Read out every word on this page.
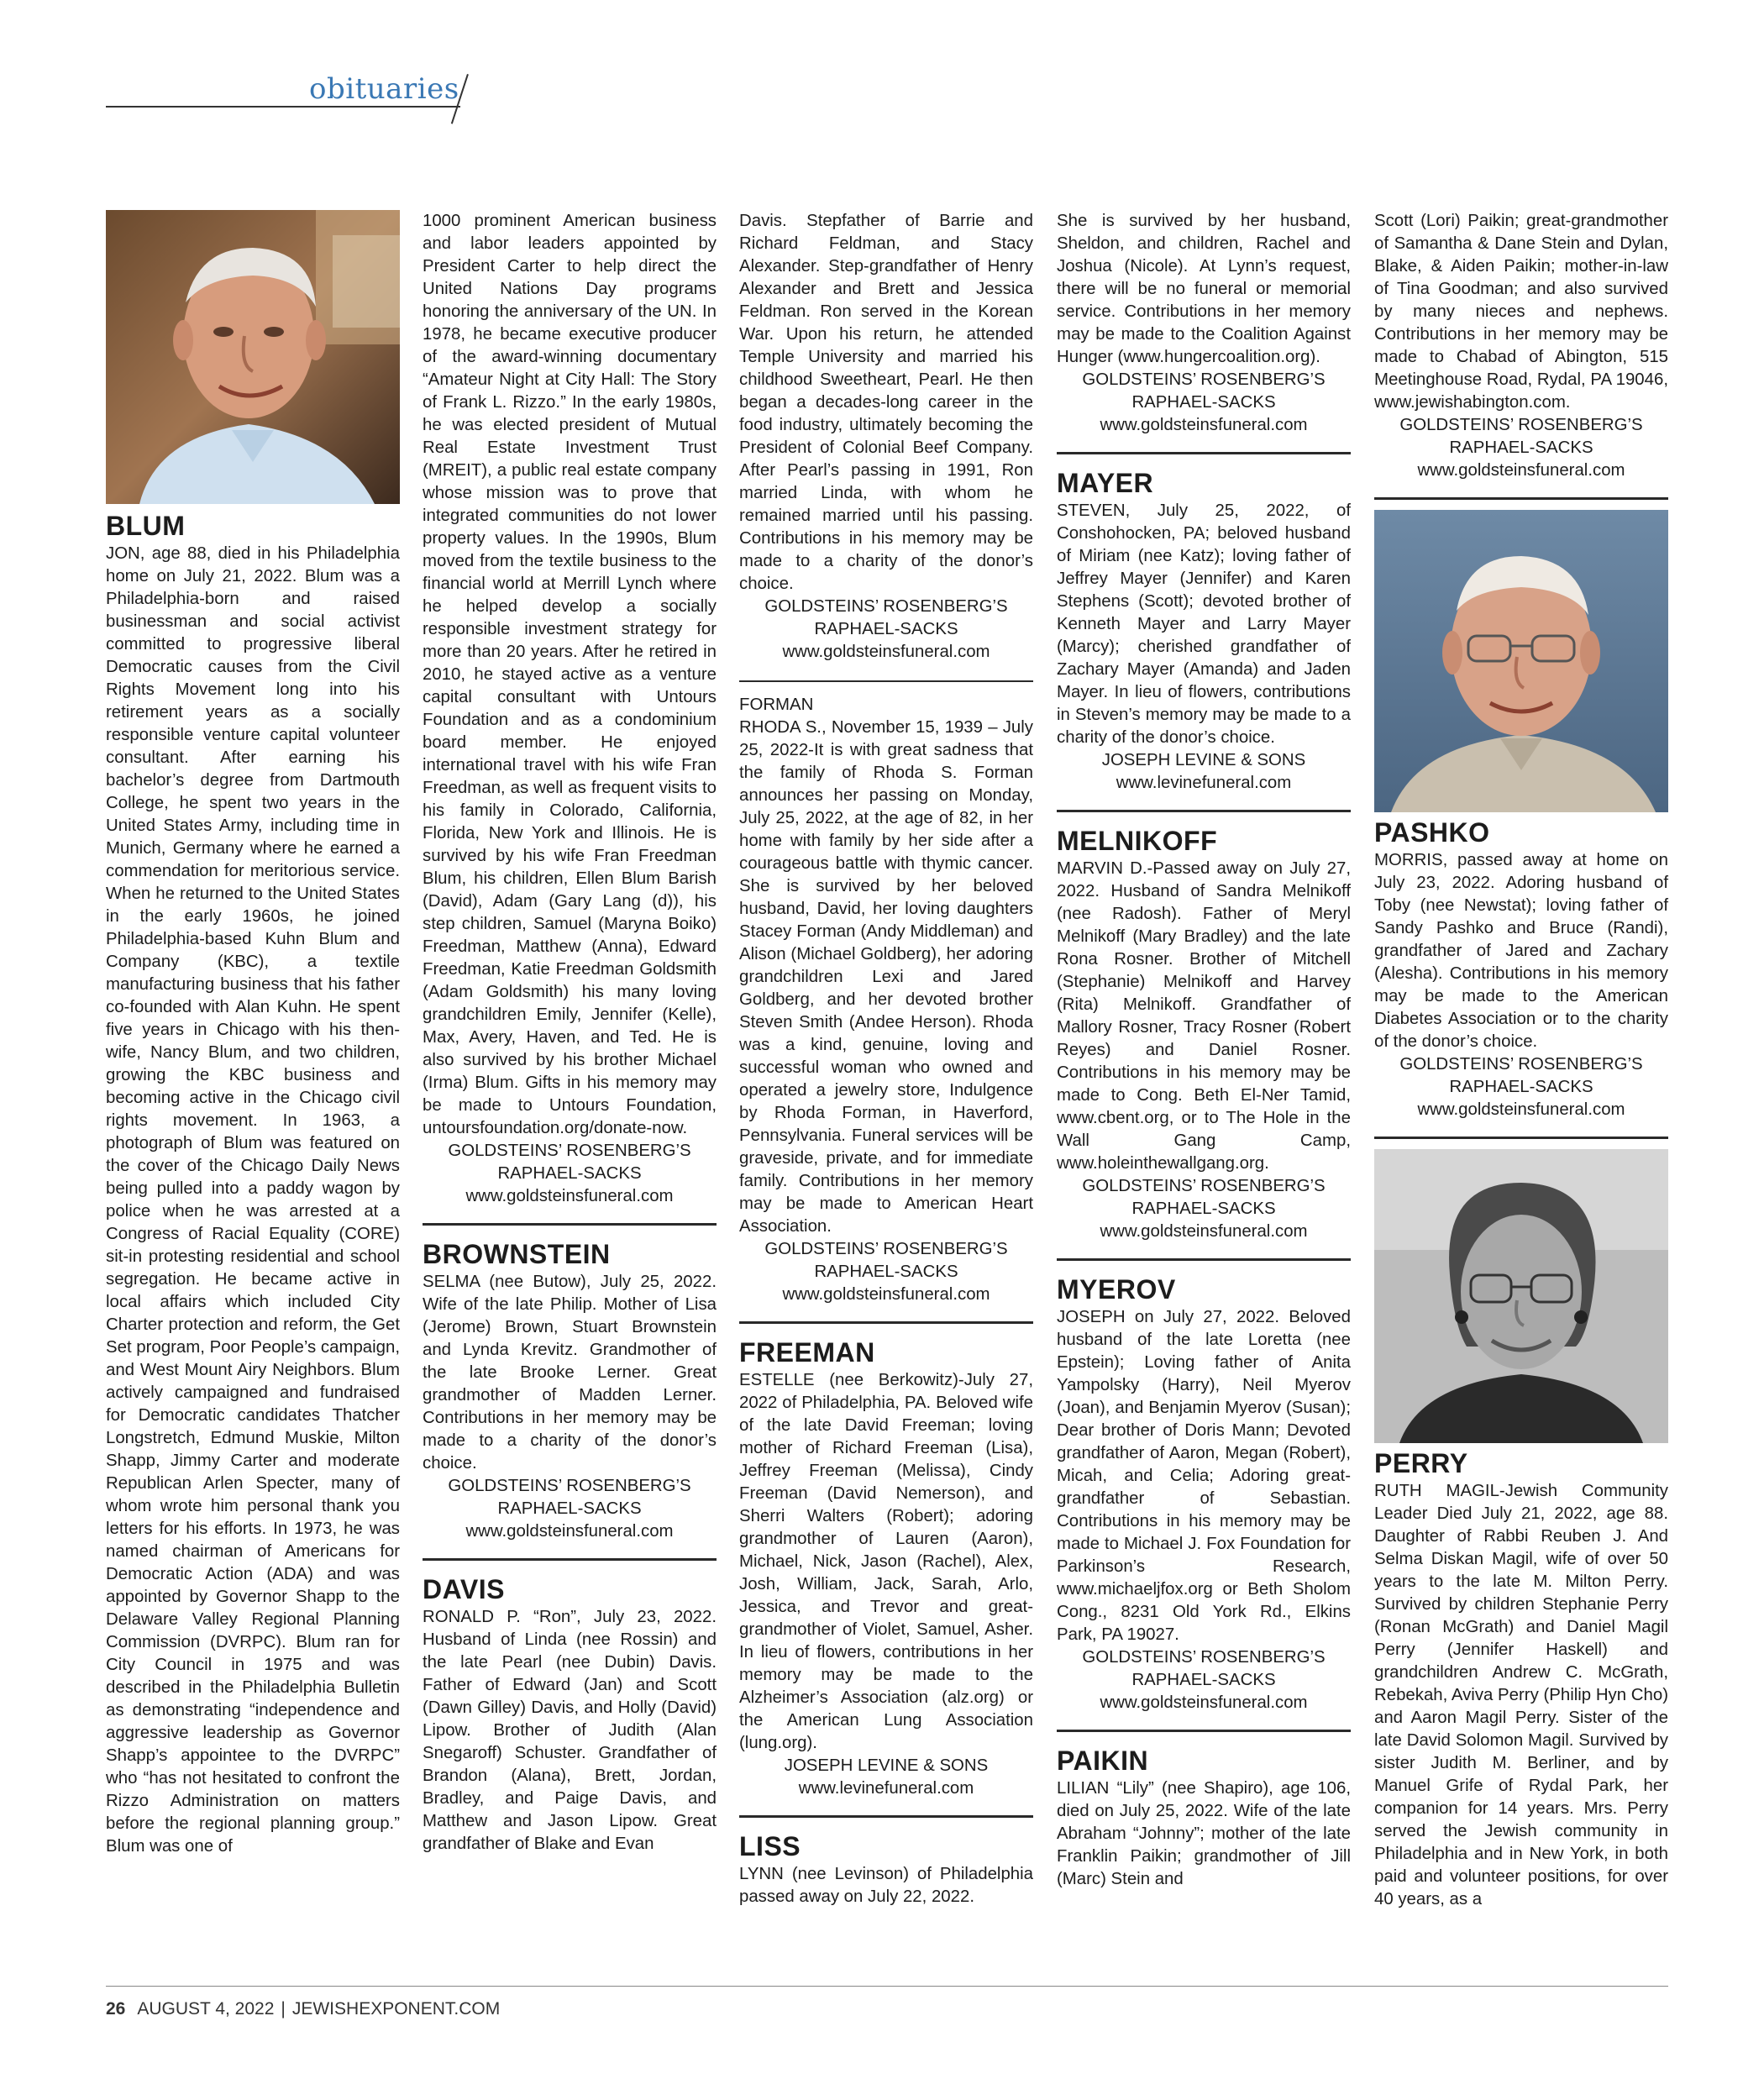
obituaries
BLUM

JON, age 88, died in his Philadelphia home on July 21, 2022. Blum was a Philadelphia-born and raised businessman and social activist committed to progressive liberal Democratic causes from the Civil Rights Movement long into his retirement years as a socially responsible venture capital volunteer consultant. After earning his bachelor’s degree from Dartmouth College, he spent two years in the United States Army, including time in Munich, Germany where he earned a commendation for meritorious service. When he returned to the United States in the early 1960s, he joined Philadelphia-based Kuhn Blum and Company (KBC), a textile manufacturing business that his father co-founded with Alan Kuhn. He spent five years in Chicago with his then-wife, Nancy Blum, and two children, growing the KBC business and becoming active in the Chicago civil rights movement. In 1963, a photograph of Blum was featured on the cover of the Chicago Daily News being pulled into a paddy wagon by police when he was arrested at a Congress of Racial Equality (CORE) sit-in protesting residential and school segregation. He became active in local affairs which included City Charter protection and reform, the Get Set program, Poor People’s campaign, and West Mount Airy Neighbors. Blum actively campaigned and fundraised for Democratic candidates Thatcher Longstretch, Edmund Muskie, Milton Shapp, Jimmy Carter and moderate Republican Arlen Specter, many of whom wrote him personal thank you letters for his efforts. In 1973, he was named chairman of Americans for Democratic Action (ADA) and was appointed by Governor Shapp to the Delaware Valley Regional Planning Commission (DVRPC). Blum ran for City Council in 1975 and was described in the Philadelphia Bulletin as demonstrating “independence and aggressive leadership as Governor Shapp’s appointee to the DVRPC” who “has not hesitated to confront the Rizzo Administration on matters before the regional planning group.” Blum was one of

1000 prominent American business and labor leaders appointed by President Carter to help direct the United Nations Day programs honoring the anniversary of the UN. In 1978, he became executive producer of the award-winning documentary “Amateur Night at City Hall: The Story of Frank L. Rizzo.” In the early 1980s, he was elected president of Mutual Real Estate Investment Trust (MREIT), a public real estate company whose mission was to prove that integrated communities do not lower property values. In the 1990s, Blum moved from the textile business to the financial world at Merrill Lynch where he helped develop a socially responsible investment strategy for more than 20 years. After he retired in 2010, he stayed active as a venture capital consultant with Untours Foundation and as a condominium board member. He enjoyed international travel with his wife Fran Freedman, as well as frequent visits to his family in Colorado, California, Florida, New York and Illinois. He is survived by his wife Fran Freedman Blum, his children, Ellen Blum Barish (David), Adam (Gary Lang (d)), his step children, Samuel (Maryna Boiko) Freedman, Matthew (Anna), Edward Freedman, Katie Freedman Goldsmith (Adam Goldsmith) his many loving grandchildren Emily, Jennifer (Kelle), Max, Avery, Haven, and Ted. He is also survived by his brother Michael (Irma) Blum. Gifts in his memory may be made to Untours Foundation, untoursfoundation.org/donate-now.

GOLDSTEINS’ ROSENBERG’S

RAPHAEL-SACKS

www.goldsteinsfuneral.com

BROWNSTEIN

SELMA (nee Butow), July 25, 2022. Wife of the late Philip. Mother of Lisa (Jerome) Brown, Stuart Brownstein and Lynda Krevitz. Grandmother of the late Brooke Lerner. Great grandmother of Madden Lerner. Contributions in her memory may be made to a charity of the donor’s choice.

GOLDSTEINS’ ROSENBERG’S

RAPHAEL-SACKS

www.goldsteinsfuneral.com

DAVIS

RONALD P. “Ron”, July 23, 2022. Husband of Linda (nee Rossin) and the late Pearl (nee Dubin) Davis. Father of Edward (Jan) and Scott (Dawn Gilley) Davis, and Holly (David) Lipow. Brother of Judith (Alan Snegaroff) Schuster. Grandfather of Brandon (Alana), Brett, Jordan, Bradley, and Paige Davis, and Matthew and Jason Lipow. Great grandfather of Blake and Evan

Davis. Stepfather of Barrie and Richard Feldman, and Stacy Alexander. Step-grandfather of Henry Alexander and Brett and Jessica Feldman. Ron served in the Korean War. Upon his return, he attended Temple University and married his childhood Sweetheart, Pearl. He then began a decades-long career in the food industry, ultimately becoming the President of Colonial Beef Company. After Pearl’s passing in 1991, Ron married Linda, with whom he remained married until his passing. Contributions in his memory may be made to a charity of the donor’s choice.

GOLDSTEINS’ ROSENBERG’S

RAPHAEL-SACKS

www.goldsteinsfuneral.com

FORMAN

RHODA S., November 15, 1939 – July 25, 2022-It is with great sadness that the family of Rhoda S. Forman announces her passing on Monday, July 25, 2022, at the age of 82, in her home with family by her side after a courageous battle with thymic cancer. She is survived by her beloved husband, David, her loving daughters Stacey Forman (Andy Middleman) and Alison (Michael Goldberg), her adoring grandchildren Lexi and Jared Goldberg, and her devoted brother Steven Smith (Andee Herson). Rhoda was a kind, genuine, loving and successful woman who owned and operated a jewelry store, Indulgence by Rhoda Forman, in Haverford, Pennsylvania. Funeral services will be graveside, private, and for immediate family. Contributions in her memory may be made to American Heart Association.

GOLDSTEINS’ ROSENBERG’S

RAPHAEL-SACKS

www.goldsteinsfuneral.com

FREEMAN

ESTELLE (nee Berkowitz)-July 27, 2022 of Philadelphia, PA. Beloved wife of the late David Freeman; loving mother of Richard Freeman (Lisa), Jeffrey Freeman (Melissa), Cindy Freeman (David Nemerson), and Sherri Walters (Robert); adoring grandmother of Lauren (Aaron), Michael, Nick, Jason (Rachel), Alex, Josh, William, Jack, Sarah, Arlo, Jessica, and Trevor and great-grandmother of Violet, Samuel, Asher. In lieu of flowers, contributions in her memory may be made to the Alzheimer’s Association (alz.org) or the American Lung Association (lung.org).

JOSEPH LEVINE & SONS

www.levinefuneral.com

LISS

LYNN (nee Levinson) of Philadelphia passed away on July 22, 2022.

She is survived by her husband, Sheldon, and children, Rachel and Joshua (Nicole). At Lynn’s request, there will be no funeral or memorial service. Contributions in her memory may be made to the Coalition Against Hunger (www.hungercoalition.org).

GOLDSTEINS’ ROSENBERG’S

RAPHAEL-SACKS

www.goldsteinsfuneral.com

MAYER

STEVEN, July 25, 2022, of Conshohocken, PA; beloved husband of Miriam (nee Katz); loving father of Jeffrey Mayer (Jennifer) and Karen Stephens (Scott); devoted brother of Kenneth Mayer and Larry Mayer (Marcy); cherished grandfather of Zachary Mayer (Amanda) and Jaden Mayer. In lieu of flowers, contributions in Steven’s memory may be made to a charity of the donor’s choice.

JOSEPH LEVINE & SONS

www.levinefuneral.com

MELNIKOFF

MARVIN D.-Passed away on July 27, 2022. Husband of Sandra Melnikoff (nee Radosh). Father of Meryl Melnikoff (Mary Bradley) and the late Rona Rosner. Brother of Mitchell (Stephanie) Melnikoff and Harvey (Rita) Melnikoff. Grandfather of Mallory Rosner, Tracy Rosner (Robert Reyes) and Daniel Rosner. Contributions in his memory may be made to Cong. Beth El-Ner Tamid, www.cbent.org, or to The Hole in the Wall Gang Camp, www.holeinthewallgang.org.

GOLDSTEINS’ ROSENBERG’S

RAPHAEL-SACKS

www.goldsteinsfuneral.com

MYEROV

JOSEPH on July 27, 2022. Beloved husband of the late Loretta (nee Epstein); Loving father of Anita Yampolsky (Harry), Neil Myerov (Joan), and Benjamin Myerov (Susan); Dear brother of Doris Mann; Devoted grandfather of Aaron, Megan (Robert), Micah, and Celia; Adoring great-grandfather of Sebastian. Contributions in his memory may be made to Michael J. Fox Foundation for Parkinson’s Research, www.michaeljfox.org or Beth Sholom Cong., 8231 Old York Rd., Elkins Park, PA 19027.

GOLDSTEINS’ ROSENBERG’S

RAPHAEL-SACKS

www.goldsteinsfuneral.com

PAIKIN

LILIAN “Lily” (nee Shapiro), age 106, died on July 25, 2022. Wife of the late Abraham “Johnny”; mother of the late Franklin Paikin; grandmother of Jill (Marc) Stein and

Scott (Lori) Paikin; great-grandmother of Samantha & Dane Stein and Dylan, Blake, & Aiden Paikin; mother-in-law of Tina Goodman; and also survived by many nieces and nephews. Contributions in her memory may be made to Chabad of Abington, 515 Meetinghouse Road, Rydal, PA 19046, www.jewishabington.com.

GOLDSTEINS’ ROSENBERG’S

RAPHAEL-SACKS

www.goldsteinsfuneral.com

PASHKO

MORRIS, passed away at home on July 23, 2022. Adoring husband of Toby (nee Newstat); loving father of Sandy Pashko and Bruce (Randi), grandfather of Jared and Zachary (Alesha). Contributions in his memory may be made to the American Diabetes Association or to the charity of the donor’s choice.

GOLDSTEINS’ ROSENBERG’S

RAPHAEL-SACKS

www.goldsteinsfuneral.com

PERRY

RUTH MAGIL-Jewish Community Leader Died July 21, 2022, age 88. Daughter of Rabbi Reuben J. And Selma Diskan Magil, wife of over 50 years to the late M. Milton Perry. Survived by children Stephanie Perry (Ronan McGrath) and Daniel Magil Perry (Jennifer Haskell) and grandchildren Andrew C. McGrath, Rebekah, Aviva Perry (Philip Hyn Cho) and Aaron Magil Perry. Sister of the late David Solomon Magil. Survived by sister Judith M. Berliner, and by Manuel Grife of Rydal Park, her companion for 14 years. Mrs. Perry served the Jewish community in Philadelphia and in New York, in both paid and volunteer positions, for over 40 years, as a

26 AUGUST 4, 2022 | JEWISHEXPONENT.COM
